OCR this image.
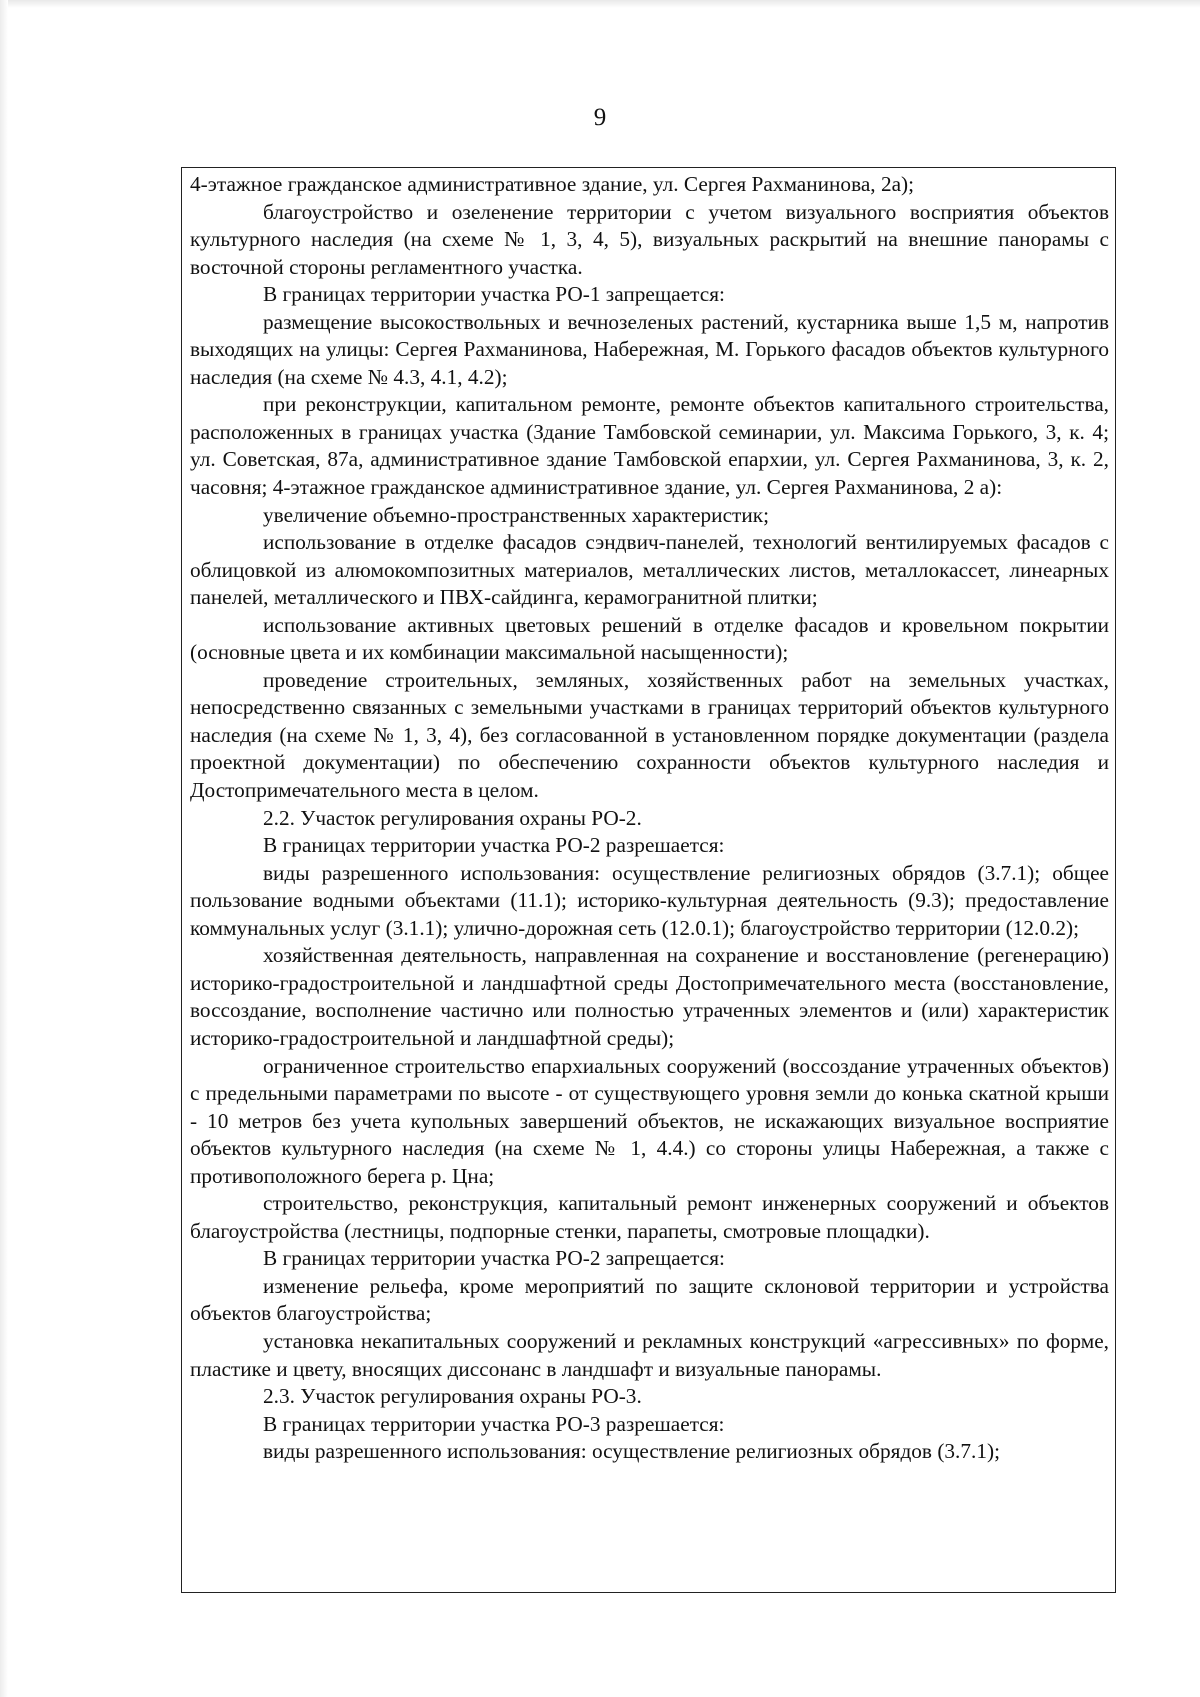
9

4-этажное гражданское административное здание, ул. Сергея Рахманинова, 2а);

благоустройство и озеленение территории с учетом визуального восприятия объектов культурного наследия (на схеме № 1, 3, 4, 5), визуальных раскрытий на внешние панорамы с восточной стороны регламентного участка.

В границах территории участка РО-1 запрещается:

размещение высокоствольных и вечнозеленых растений, кустарника выше 1,5 м, напротив выходящих на улицы: Сергея Рахманинова, Набережная, М. Горького фасадов объектов культурного наследия (на схеме № 4.3, 4.1, 4.2);

при реконструкции, капитальном ремонте, ремонте объектов капитального строительства, расположенных в границах участка (Здание Тамбовской семинарии, ул. Максима Горького, 3, к. 4; ул. Советская, 87а, административное здание Тамбовской епархии, ул. Сергея Рахманинова, 3, к. 2, часовня; 4-этажное гражданское административное здание, ул. Сергея Рахманинова, 2 а):

увеличение объемно-пространственных характеристик;

использование в отделке фасадов сэндвич-панелей, технологий вентилируемых фасадов с облицовкой из алюмокомпозитных материалов, металлических листов, металлокассет, линеарных панелей, металлического и ПВХ-сайдинга, керамогранитной плитки;

использование активных цветовых решений в отделке фасадов и кровельном покрытии (основные цвета и их комбинации максимальной насыщенности);

проведение строительных, земляных, хозяйственных работ на земельных участках, непосредственно связанных с земельными участками в границах территорий объектов культурного наследия (на схеме № 1, 3, 4), без согласованной в установленном порядке документации (раздела проектной документации) по обеспечению сохранности объектов культурного наследия и Достопримечательного места в целом.

2.2. Участок регулирования охраны РО-2.

В границах территории участка РО-2 разрешается:

виды разрешенного использования: осуществление религиозных обрядов (3.7.1); общее пользование водными объектами (11.1); историко-культурная деятельность (9.3); предоставление коммунальных услуг (3.1.1); улично-дорожная сеть (12.0.1); благоустройство территории (12.0.2);

хозяйственная деятельность, направленная на сохранение и восстановление (регенерацию) историко-градостроительной и ландшафтной среды Достопримечательного места (восстановление, воссоздание, восполнение частично или полностью утраченных элементов и (или) характеристик историко-градостроительной и ландшафтной среды);

ограниченное строительство епархиальных сооружений (воссоздание утраченных объектов) с предельными параметрами по высоте - от существующего уровня земли до конька скатной крыши - 10 метров без учета купольных завершений объектов, не искажающих визуальное восприятие объектов культурного наследия (на схеме № 1, 4.4.) со стороны улицы Набережная, а также с противоположного берега р. Цна;

строительство, реконструкция, капитальный ремонт инженерных сооружений и объектов благоустройства (лестницы, подпорные стенки, парапеты, смотровые площадки).

В границах территории участка РО-2 запрещается:

изменение рельефа, кроме мероприятий по защите склоновой территории и устройства объектов благоустройства;

установка некапитальных сооружений и рекламных конструкций «агрессивных» по форме, пластике и цвету, вносящих диссонанс в ландшафт и визуальные панорамы.

2.3. Участок регулирования охраны РО-3.

В границах территории участка РО-3 разрешается:

виды разрешенного использования: осуществление религиозных обрядов (3.7.1);
